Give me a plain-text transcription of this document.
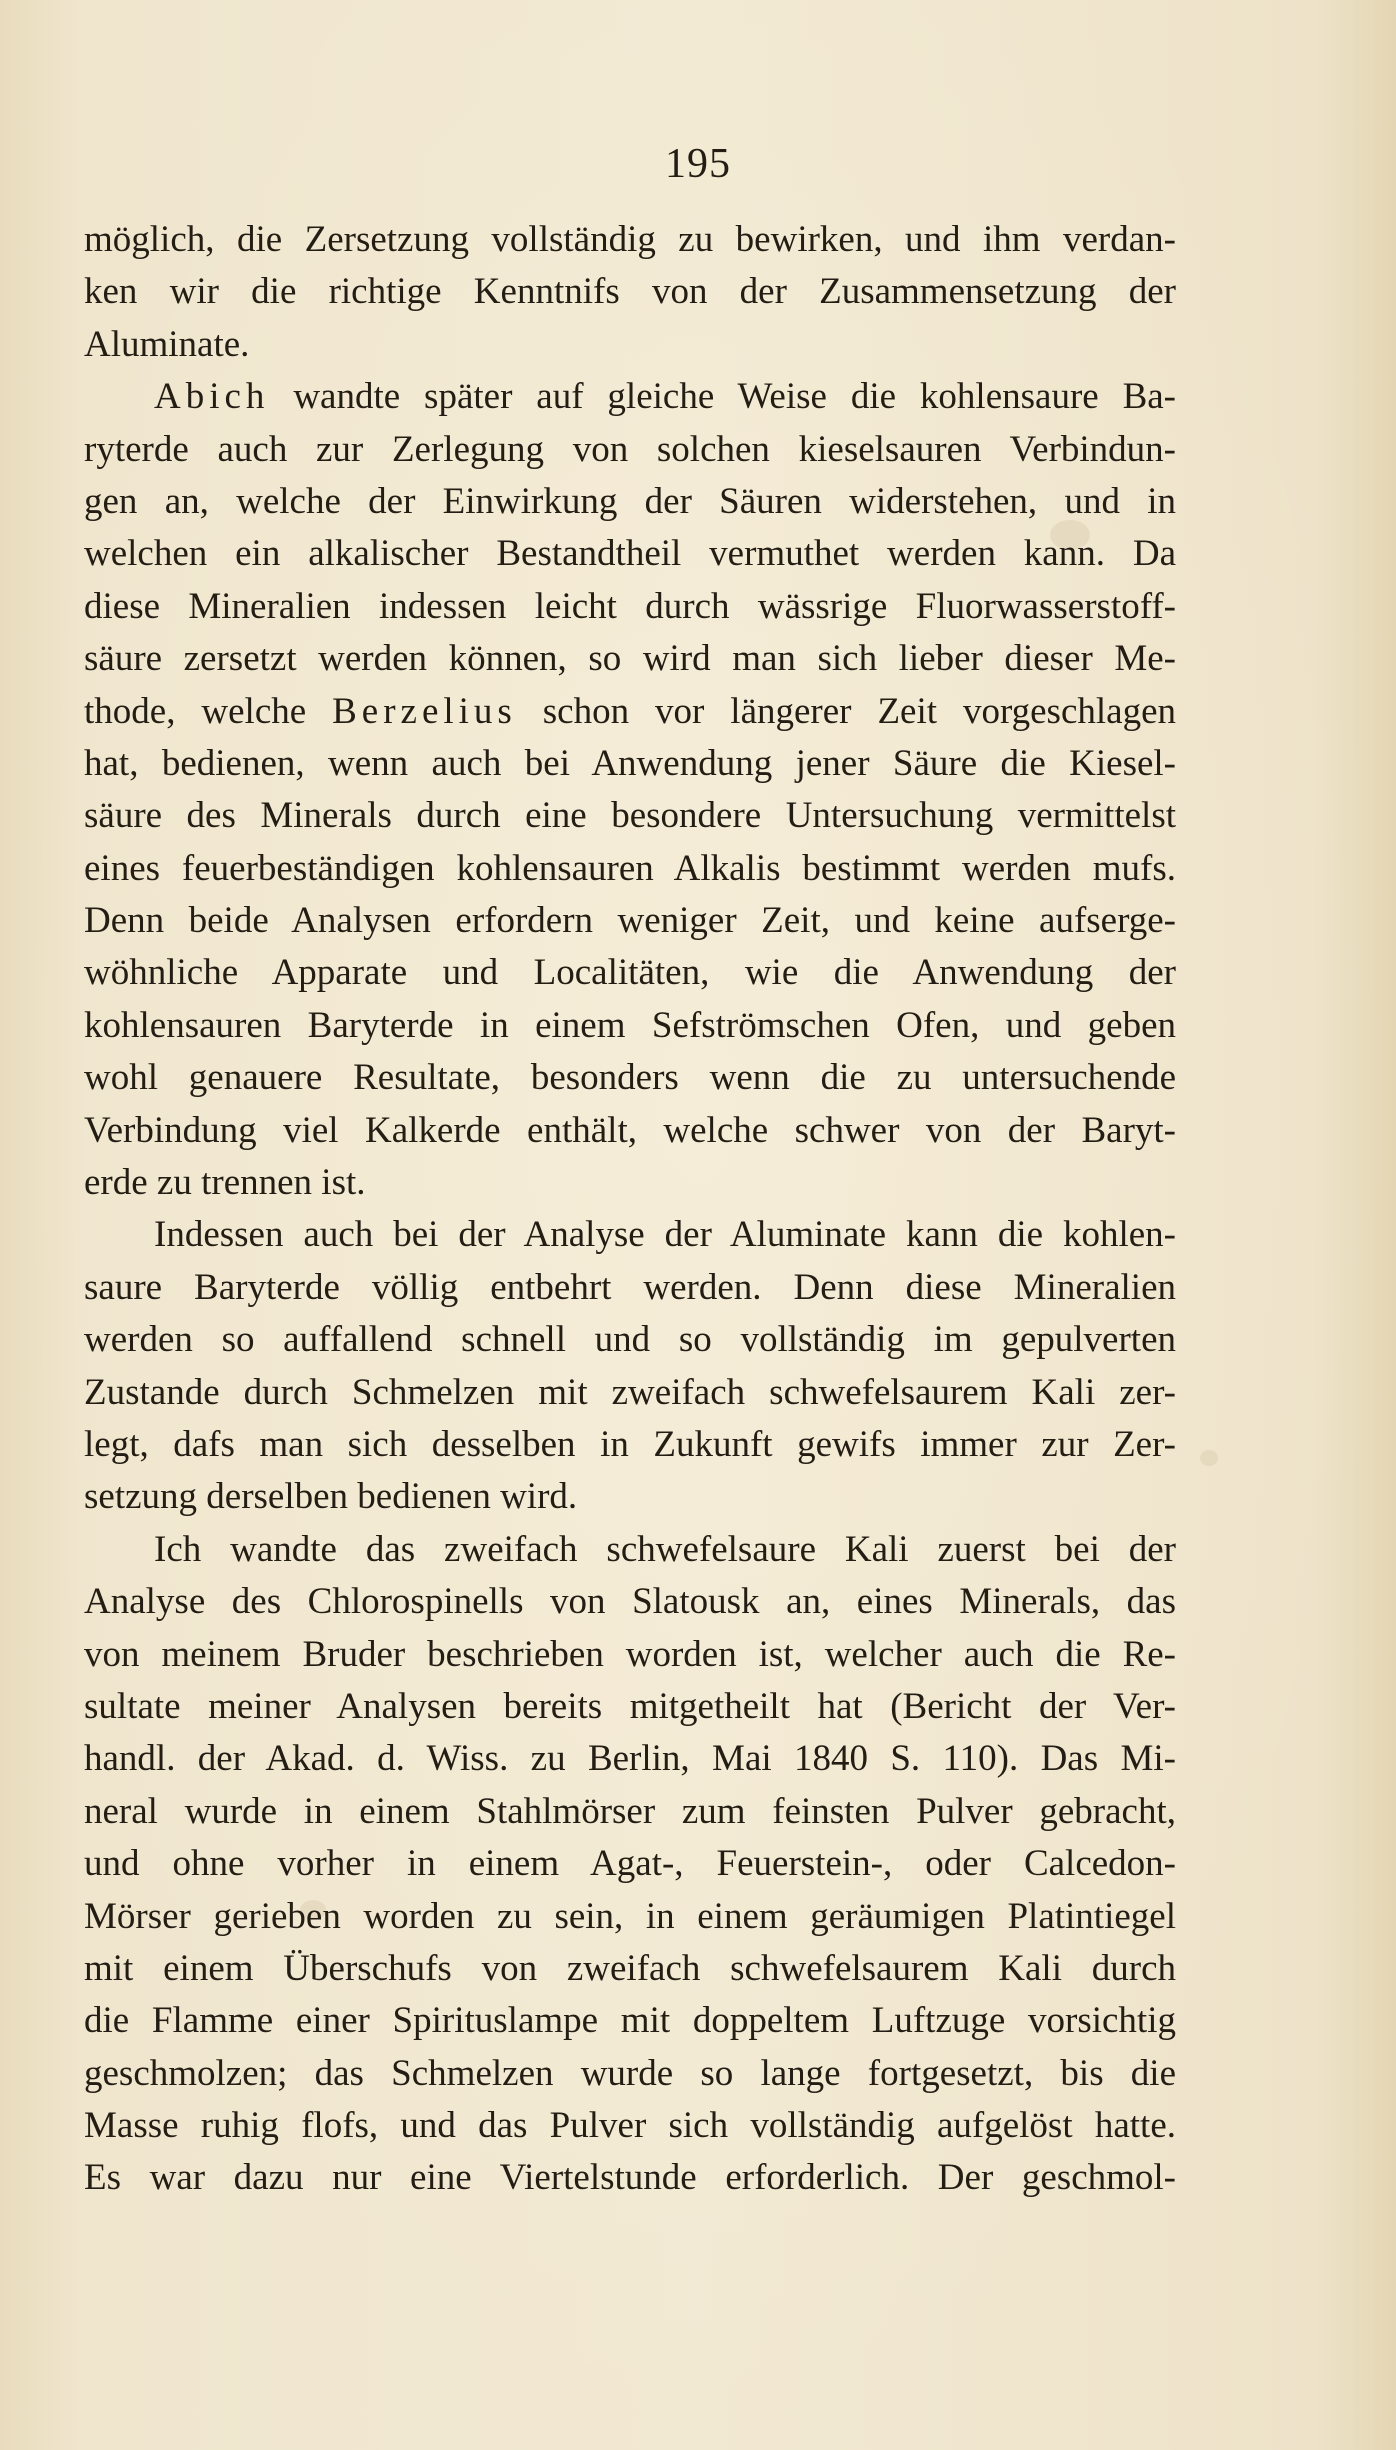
195
möglich, die Zersetzung vollständig zu bewirken, und ihm verdan-
ken wir die richtige Kenntnifs von der Zusammensetzung der
Aluminate.
Abich wandte später auf gleiche Weise die kohlensaure Ba-
ryterde auch zur Zerlegung von solchen kieselsauren Verbindun-
gen an, welche der Einwirkung der Säuren widerstehen, und in
welchen ein alkalischer Bestandtheil vermuthet werden kann. Da
diese Mineralien indessen leicht durch wässrige Fluorwasserstoff-
säure zersetzt werden können, so wird man sich lieber dieser Me-
thode, welche Berzelius schon vor längerer Zeit vorgeschlagen
hat, bedienen, wenn auch bei Anwendung jener Säure die Kiesel-
säure des Minerals durch eine besondere Untersuchung vermittelst
eines feuerbeständigen kohlensauren Alkalis bestimmt werden mufs.
Denn beide Analysen erfordern weniger Zeit, und keine aufserge-
wöhnliche Apparate und Localitäten, wie die Anwendung der
kohlensauren Baryterde in einem Sefströmschen Ofen, und geben
wohl genauere Resultate, besonders wenn die zu untersuchende
Verbindung viel Kalkerde enthält, welche schwer von der Baryt-
erde zu trennen ist.
Indessen auch bei der Analyse der Aluminate kann die kohlen-
saure Baryterde völlig entbehrt werden. Denn diese Mineralien
werden so auffallend schnell und so vollständig im gepulverten
Zustande durch Schmelzen mit zweifach schwefelsaurem Kali zer-
legt, dafs man sich desselben in Zukunft gewifs immer zur Zer-
setzung derselben bedienen wird.
Ich wandte das zweifach schwefelsaure Kali zuerst bei der
Analyse des Chlorospinells von Slatousk an, eines Minerals, das
von meinem Bruder beschrieben worden ist, welcher auch die Re-
sultate meiner Analysen bereits mitgetheilt hat (Bericht der Ver-
handl. der Akad. d. Wiss. zu Berlin, Mai 1840 S. 110). Das Mi-
neral wurde in einem Stahlmörser zum feinsten Pulver gebracht,
und ohne vorher in einem Agat-, Feuerstein-, oder Calcedon-
Mörser gerieben worden zu sein, in einem geräumigen Platintiegel
mit einem Überschufs von zweifach schwefelsaurem Kali durch
die Flamme einer Spirituslampe mit doppeltem Luftzuge vorsichtig
geschmolzen; das Schmelzen wurde so lange fortgesetzt, bis die
Masse ruhig flofs, und das Pulver sich vollständig aufgelöst hatte.
Es war dazu nur eine Viertelstunde erforderlich. Der geschmol-
